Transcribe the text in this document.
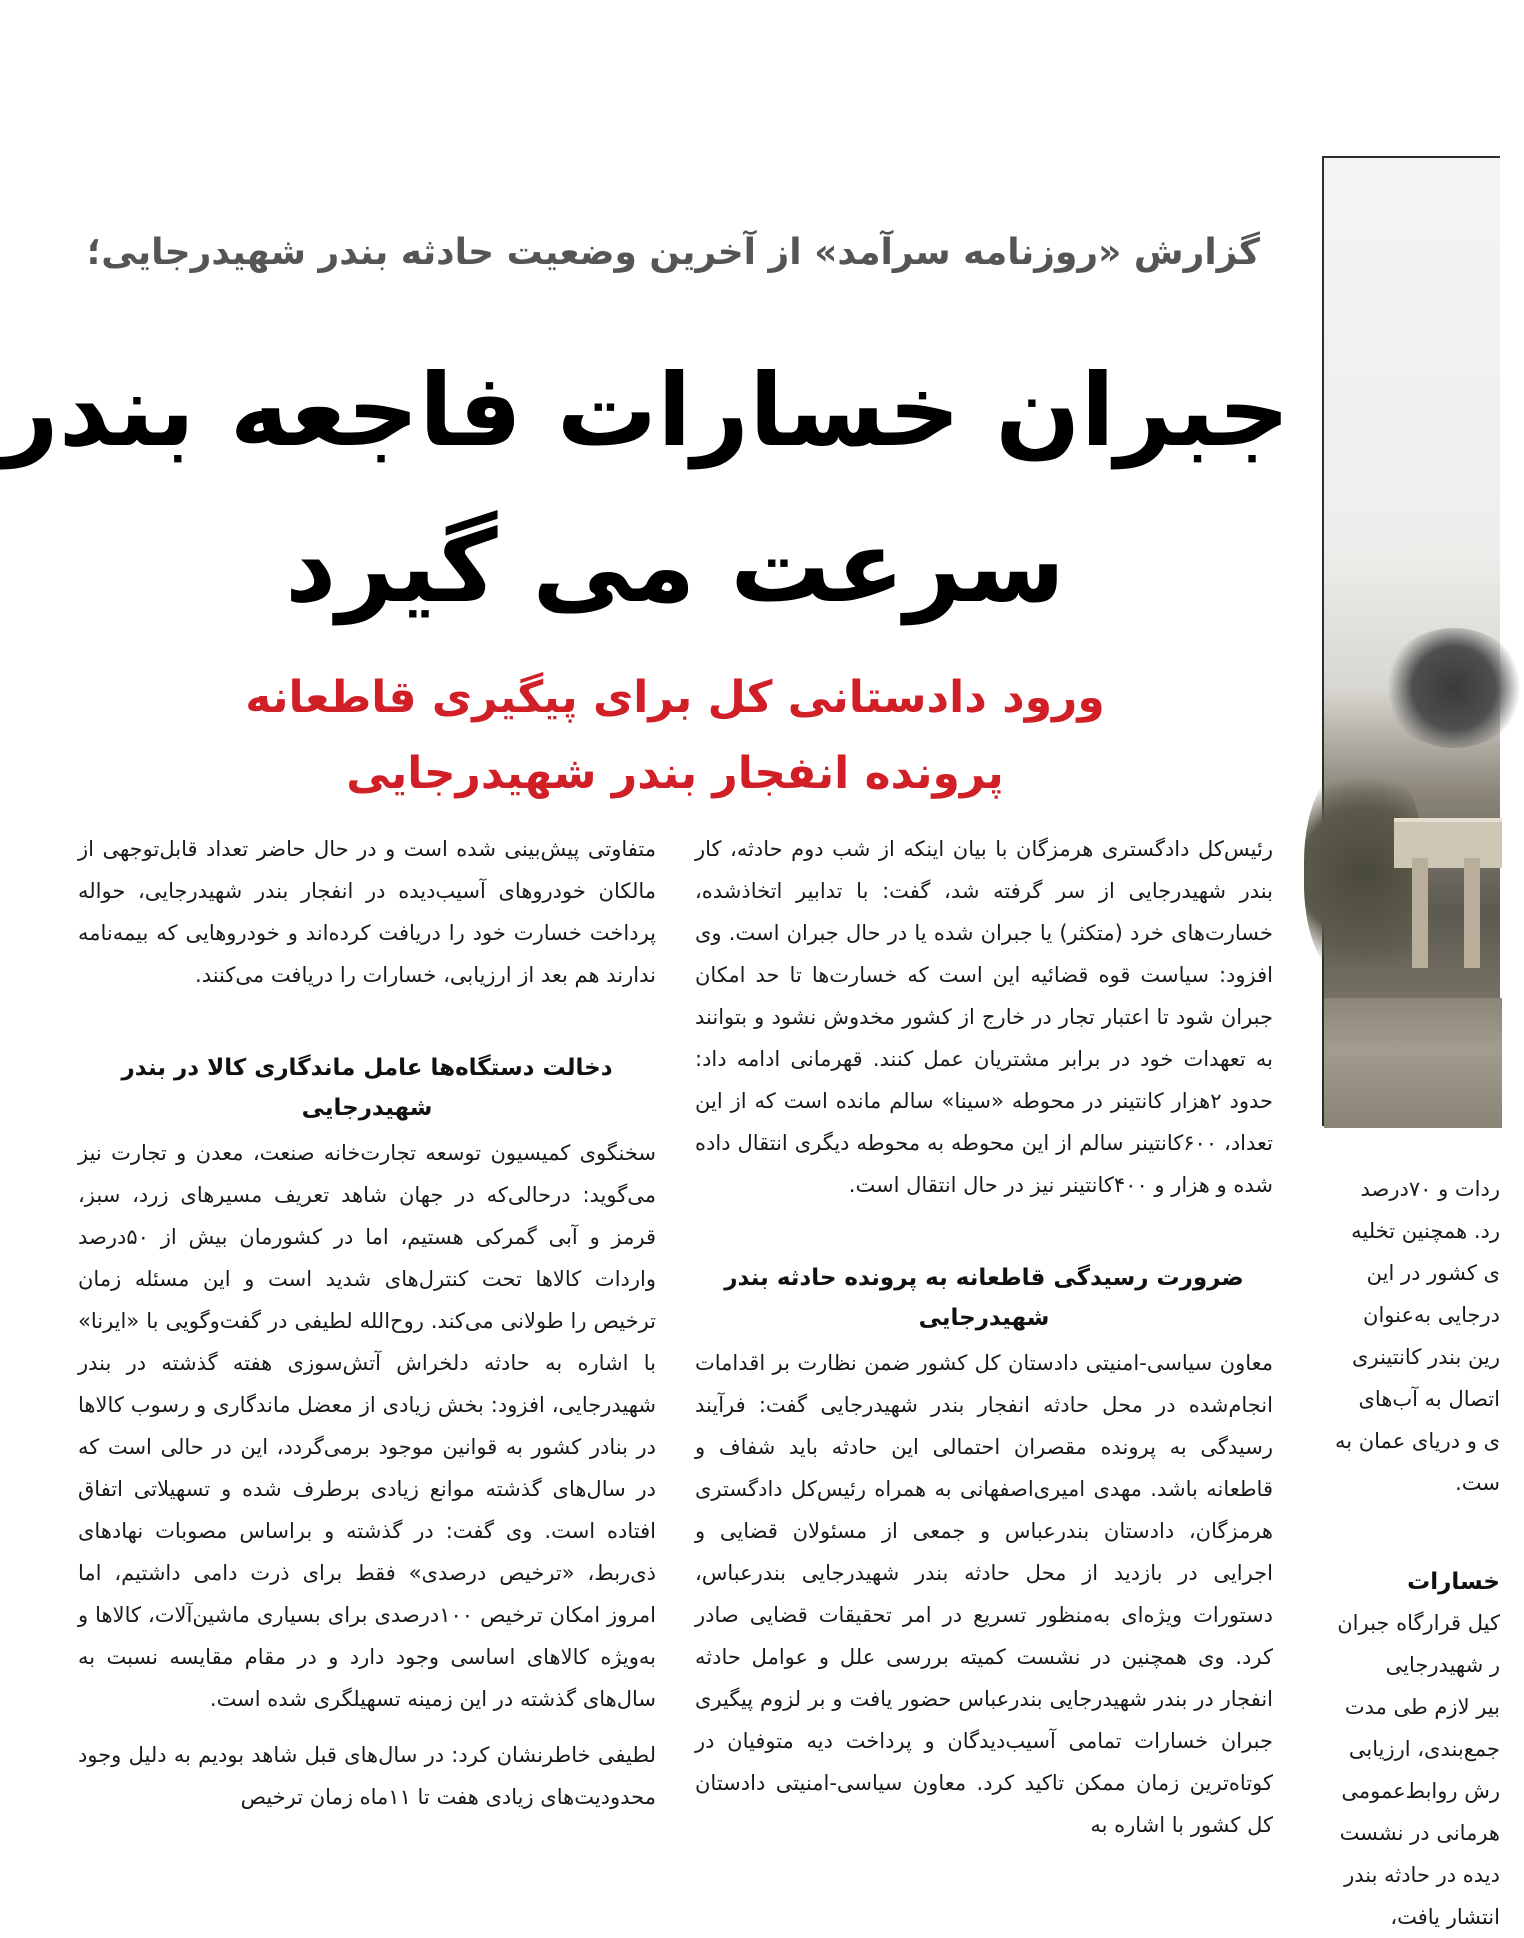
گزارش «روزنامه سرآمد» از آخرین وضعیت حادثه بندر شهیدرجایی؛
جبران خسارات فاجعه بندر
سرعت می گیرد
ورود دادستانی کل برای پیگیری قاطعانه
پرونده انفجار بندر شهیدرجایی

رئیس‌کل دادگستری هرمزگان با بیان اینکه از شب دوم حادثه، کار بندر شهیدرجایی از سر گرفته شد، گفت: با تدابیر اتخاذشده، خسارت‌های خرد (متکثر) یا جبران شده یا در حال جبران است. وی افزود: سیاست قوه قضائیه این است که خسارت‌ها تا حد امکان جبران شود تا اعتبار تجار در خارج از کشور مخدوش نشود و بتوانند به تعهدات خود در برابر مشتریان عمل کنند. قهرمانی ادامه داد: حدود ۲هزار کانتینر در محوطه «سینا» سالم مانده است که از این تعداد، ۶۰۰کانتینر سالم از این محوطه به محوطه دیگری انتقال داده شده و هزار و ۴۰۰کانتینر نیز در حال انتقال است.

ضرورت رسیدگی قاطعانه به پرونده حادثه بندر شهیدرجایی

معاون سیاسی-امنیتی دادستان کل کشور ضمن نظارت بر اقدامات انجام‌شده در محل حادثه انفجار بندر شهیدرجایی گفت: فرآیند رسیدگی به پرونده مقصران احتمالی این حادثه باید شفاف و قاطعانه باشد. مهدی امیری‌اصفهانی به همراه رئیس‌کل دادگستری هرمزگان، دادستان بندرعباس و جمعی از مسئولان قضایی و اجرایی در بازدید از محل حادثه بندر شهیدرجایی بندرعباس، دستورات ویژه‌ای به‌منظور تسریع در امر تحقیقات قضایی صادر کرد. وی همچنین در نشست کمیته بررسی علل و عوامل حادثه انفجار در بندر شهیدرجایی بندرعباس حضور یافت و بر لزوم پیگیری جبران خسارات تمامی آسیب‌دیدگان و پرداخت دیه متوفیان در کوتاه‌ترین زمان ممکن تاکید کرد. معاون سیاسی-امنیتی دادستان کل کشور با اشاره به

متفاوتی پیش‌بینی شده است و در حال حاضر تعداد قابل‌توجهی از مالکان خودروهای آسیب‌دیده در انفجار بندر شهیدرجایی، حواله پرداخت خسارت خود را دریافت کرده‌اند و خودروهایی که بیمه‌نامه ندارند هم بعد از ارزیابی، خسارات را دریافت می‌کنند.

دخالت دستگاه‌ها عامل ماندگاری کالا در بندر شهیدرجایی

سخنگوی کمیسیون توسعه تجارت‌خانه صنعت، معدن و تجارت نیز می‌گوید: درحالی‌که در جهان شاهد تعریف مسیرهای زرد، سبز، قرمز و آبی گمرکی هستیم، اما در کشورمان بیش از ۵۰درصد واردات کالاها تحت کنترل‌های شدید است و این مسئله زمان ترخیص را طولانی می‌کند. روح‌الله لطیفی در گفت‌وگویی با «ایرنا» با اشاره به حادثه دلخراش آتش‌سوزی هفته گذشته در بندر شهیدرجایی، افزود: بخش زیادی از معضل ماندگاری و رسوب کالاها در بنادر کشور به قوانین موجود برمی‌گردد، این در حالی است که در سال‌های گذشته موانع زیادی برطرف شده و تسهیلاتی اتفاق افتاده است. وی گفت: در گذشته و براساس مصوبات نهادهای ذی‌ربط، «ترخیص درصدی» فقط برای ذرت دامی داشتیم، اما امروز امکان ترخیص ۱۰۰درصدی برای بسیاری ماشین‌آلات، کالاها و به‌ویژه کالاهای اساسی وجود دارد و در مقام مقایسه نسبت به سال‌های گذشته در این زمینه تسهیلگری شده است.

لطیفی خاطرنشان کرد: در سال‌های قبل شاهد بودیم به دلیل وجود محدودیت‌های زیادی هفت تا ۱۱ماه زمان ترخیص

ردات و ۷۰درصد

رد. همچنین تخلیه

ی کشور در این

درجایی به‌عنوان

رین بندر کانتینری

اتصال به آب‌های

ی و دریای عمان به

ست.

خسارات

کیل قرارگاه جبران

ر شهیدرجایی

بیر لازم طی مدت

جمع‌بندی، ارزیابی

رش روابط‌عمومی

هرمانی در نشست

دیده در حادثه بندر

انتشار یافت،
